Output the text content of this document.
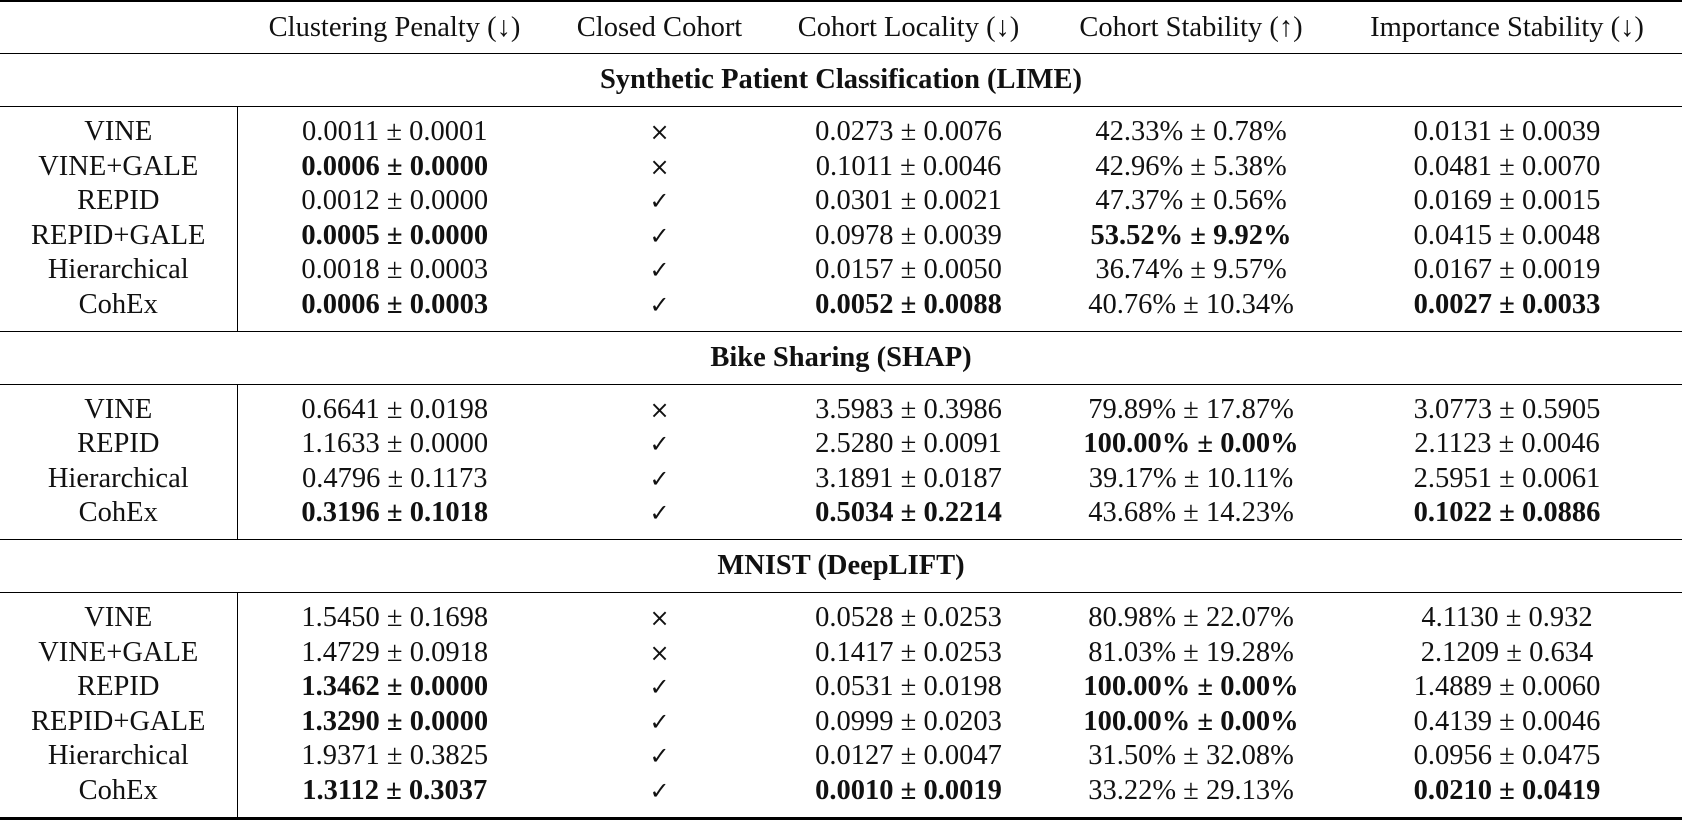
	Clustering Penalty (↓)	Closed Cohort	Cohort Locality (↓)	Cohort Stability (↑)	Importance Stability (↓)
Synthetic Patient Classification (LIME)					

VINE	0.0011 ± 0.0001	×	0.0273 ± 0.0076	42.33% ± 0.78%	0.0131 ± 0.0039
VINE+GALE	0.0006 ± 0.0000	×	0.1011 ± 0.0046	42.96% ± 5.38%	0.0481 ± 0.0070
REPID	0.0012 ± 0.0000	✓	0.0301 ± 0.0021	47.37% ± 0.56%	0.0169 ± 0.0015
REPID+GALE	0.0005 ± 0.0000	✓	0.0978 ± 0.0039	53.52% ± 9.92%	0.0415 ± 0.0048
Hierarchical	0.0018 ± 0.0003	✓	0.0157 ± 0.0050	36.74% ± 9.57%	0.0167 ± 0.0019
CohEx	0.0006 ± 0.0003	✓	0.0052 ± 0.0088	40.76% ± 10.34%	0.0027 ± 0.0033

Bike Sharing (SHAP)					

VINE	0.6641 ± 0.0198	×	3.5983 ± 0.3986	79.89% ± 17.87%	3.0773 ± 0.5905
REPID	1.1633 ± 0.0000	✓	2.5280 ± 0.0091	100.00% ± 0.00%	2.1123 ± 0.0046
Hierarchical	0.4796 ± 0.1173	✓	3.1891 ± 0.0187	39.17% ± 10.11%	2.5951 ± 0.0061
CohEx	0.3196 ± 0.1018	✓	0.5034 ± 0.2214	43.68% ± 14.23%	0.1022 ± 0.0886

MNIST (DeepLIFT)					

VINE	1.5450 ± 0.1698	×	0.0528 ± 0.0253	80.98% ± 22.07%	4.1130 ± 0.932
VINE+GALE	1.4729 ± 0.0918	×	0.1417 ± 0.0253	81.03% ± 19.28%	2.1209 ± 0.634
REPID	1.3462 ± 0.0000	✓	0.0531 ± 0.0198	100.00% ± 0.00%	1.4889 ± 0.0060
REPID+GALE	1.3290 ± 0.0000	✓	0.0999 ± 0.0203	100.00% ± 0.00%	0.4139 ± 0.0046
Hierarchical	1.9371 ± 0.3825	✓	0.0127 ± 0.0047	31.50% ± 32.08%	0.0956 ± 0.0475
CohEx	1.3112 ± 0.3037	✓	0.0010 ± 0.0019	33.22% ± 29.13%	0.0210 ± 0.0419
